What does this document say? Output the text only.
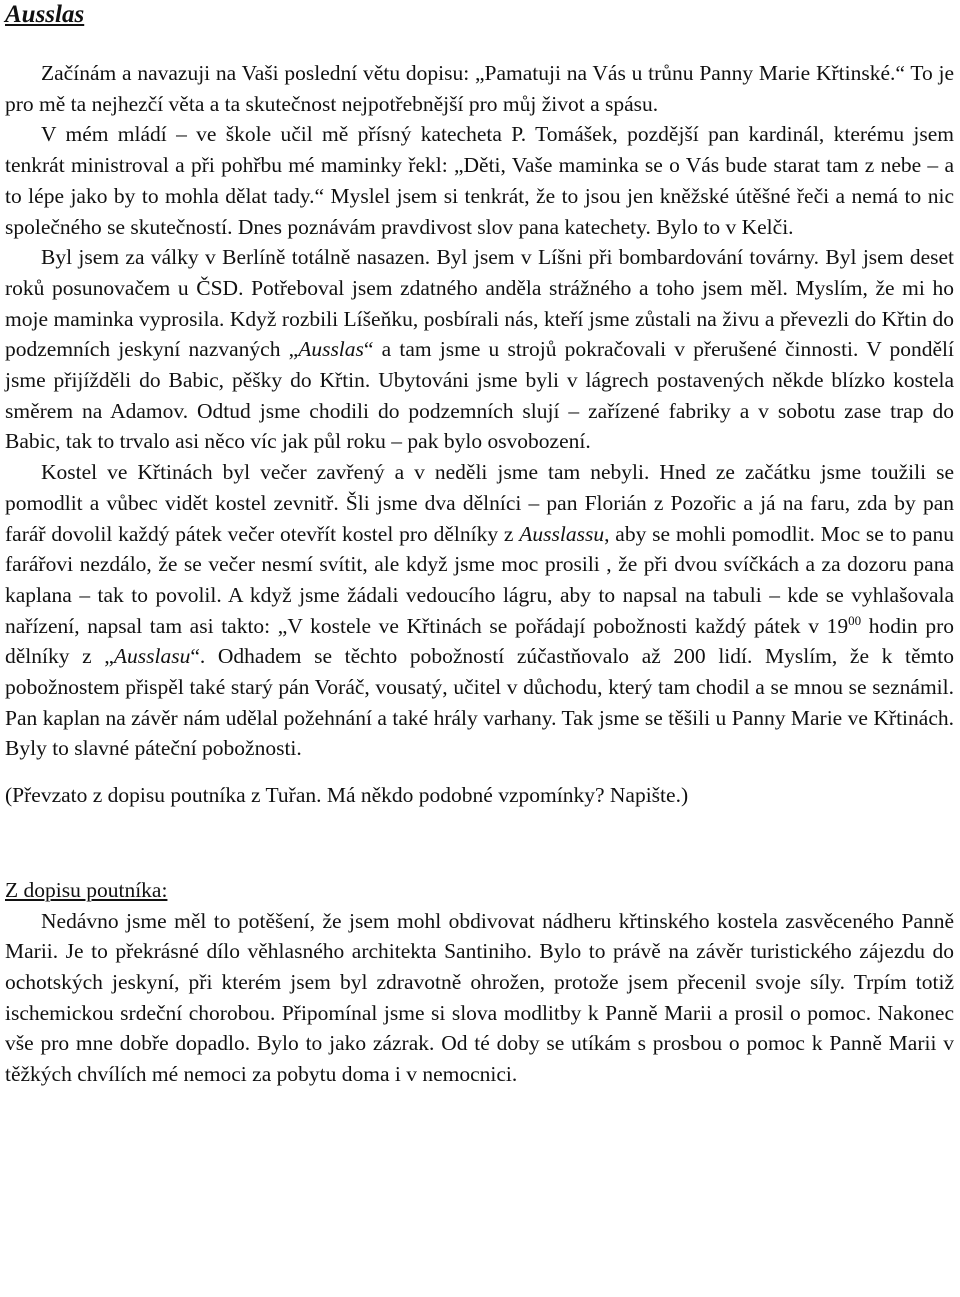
Ausslas

Začínám a navazuji na Vaši poslední větu dopisu: „Pamatuji na Vás u trůnu Panny Marie Křtinské.“ To je pro mě ta nejhezčí věta a ta skutečnost nejpotřebnější pro můj život a spásu.

V mém mládí – ve škole učil mě přísný katecheta P. Tomášek, pozdější pan kardinál, kterému jsem tenkrát ministroval a při pohřbu mé maminky řekl: „Děti, Vaše maminka se o Vás bude starat tam z nebe – a to lépe jako by to mohla dělat tady.“ Myslel jsem si tenkrát, že to jsou jen kněžské útěšné řeči a nemá to nic společného se skutečností. Dnes poznávám pravdivost slov pana katechety. Bylo to v Kelči.

Byl jsem za války v Berlíně totálně nasazen. Byl jsem v Líšni při bombardování továrny. Byl jsem deset roků posunovačem u ČSD. Potřeboval jsem zdatného anděla strážného a toho jsem měl. Myslím, že mi ho moje maminka vyprosila. Když rozbili Líšeňku, posbírali nás, kteří jsme zůstali na živu a převezli do Křtin do podzemních jeskyní nazvaných „Ausslas“ a tam jsme u strojů pokračovali v přerušené činnosti. V pondělí jsme přijížděli do Babic, pěšky do Křtin. Ubytováni jsme byli v lágrech postavených někde blízko kostela směrem na Adamov. Odtud jsme chodili do podzemních slují – zařízené fabriky a v sobotu zase trap do Babic, tak to trvalo asi něco víc jak půl roku – pak bylo osvobození.

Kostel ve Křtinách byl večer zavřený a v neděli jsme tam nebyli. Hned ze začátku jsme toužili se pomodlit a vůbec vidět kostel zevnitř. Šli jsme dva dělníci – pan Florián z Pozořic a já na faru, zda by pan farář dovolil každý pátek večer otevřít kostel pro dělníky z Ausslassu, aby se mohli pomodlit. Moc se to panu farářovi nezdálo, že se večer nesmí svítit, ale když jsme moc prosili , že při dvou svíčkách a za dozoru pana kaplana – tak to povolil. A když jsme žádali vedoucího lágru, aby to napsal na tabuli – kde se vyhlašovala nařízení, napsal tam asi takto: „V kostele ve Křtinách se pořádají pobožnosti každý pátek v $19^{00}$ hodin pro dělníky z „Ausslasu“. Odhadem se těchto pobožností zúčastňovalo až 200 lidí. Myslím, že k těmto pobožnostem přispěl také starý pán Voráč, vousatý, učitel v důchodu, který tam chodil a se mnou se seznámil. Pan kaplan na závěr nám udělal požehnání a také hrály varhany. Tak jsme se těšili u Panny Marie ve Křtinách. Byly to slavné páteční pobožnosti.

(Převzato z dopisu poutníka z Tuřan. Má někdo podobné vzpomínky? Napište.)

Z dopisu poutníka:

Nedávno jsme měl to potěšení, že jsem mohl obdivovat nádheru křtinského kostela zasvěceného Panně Marii. Je to překrásné dílo věhlasného architekta Santiniho. Bylo to právě na závěr turistického zájezdu do ochotských jeskyní, při kterém jsem byl zdravotně ohrožen, protože jsem přecenil svoje síly. Trpím totiž ischemickou srdeční chorobou. Připomínal jsme si slova modlitby k Panně Marii a prosil o pomoc. Nakonec vše pro mne dobře dopadlo. Bylo to jako zázrak. Od té doby se utíkám s prosbou o pomoc k Panně Marii v těžkých chvílích mé nemoci za pobytu doma i v nemocnici.
